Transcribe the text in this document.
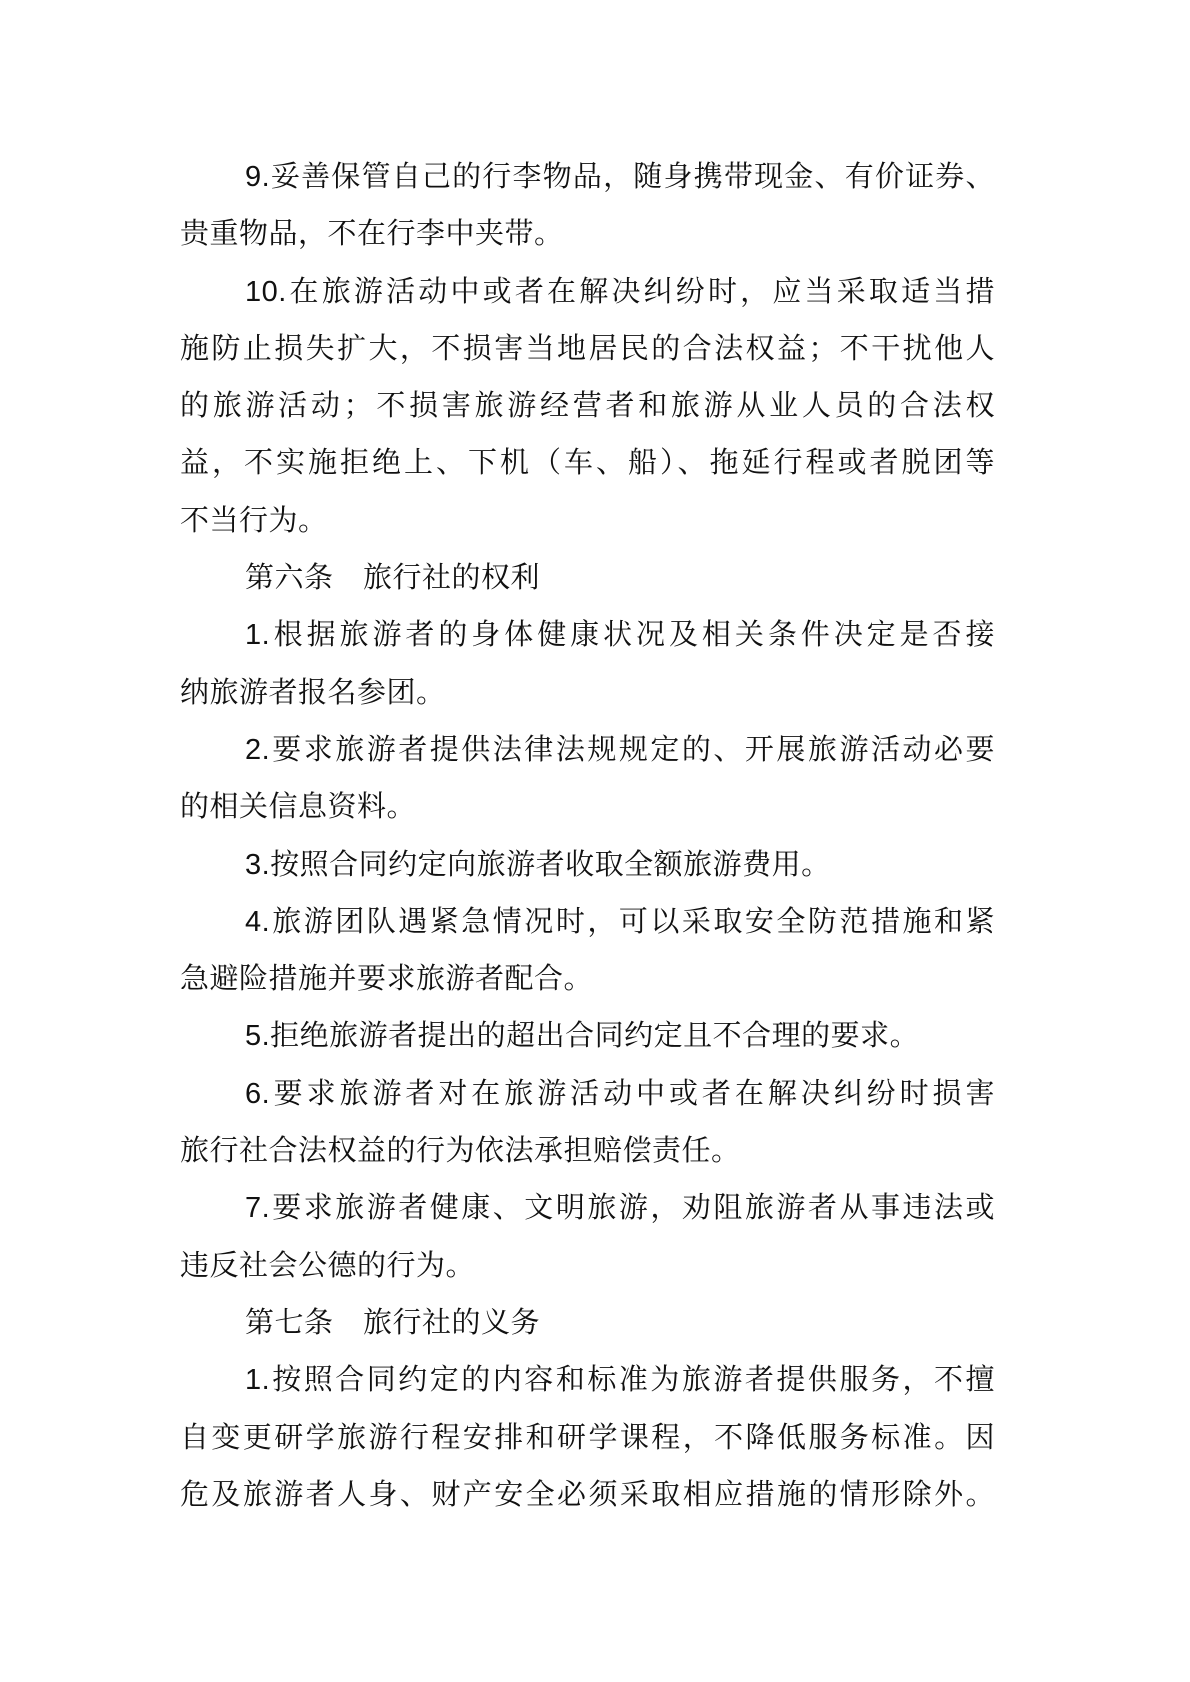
9.妥善保管自己的行李物品，随身携带现金、有价证券、
贵重物品，不在行李中夹带。
10.在旅游活动中或者在解决纠纷时，应当采取适当措
施防止损失扩大，不损害当地居民的合法权益；不干扰他人
的旅游活动；不损害旅游经营者和旅游从业人员的合法权
益，不实施拒绝上、下机（车、船）、拖延行程或者脱团等
不当行为。
第六条　旅行社的权利
1.根据旅游者的身体健康状况及相关条件决定是否接
纳旅游者报名参团。
2.要求旅游者提供法律法规规定的、开展旅游活动必要
的相关信息资料。
3.按照合同约定向旅游者收取全额旅游费用。
4.旅游团队遇紧急情况时，可以采取安全防范措施和紧
急避险措施并要求旅游者配合。
5.拒绝旅游者提出的超出合同约定且不合理的要求。
6.要求旅游者对在旅游活动中或者在解决纠纷时损害
旅行社合法权益的行为依法承担赔偿责任。
7.要求旅游者健康、文明旅游，劝阻旅游者从事违法或
违反社会公德的行为。
第七条　旅行社的义务
1.按照合同约定的内容和标准为旅游者提供服务，不擅
自变更研学旅游行程安排和研学课程，不降低服务标准。因
危及旅游者人身、财产安全必须采取相应措施的情形除外。
